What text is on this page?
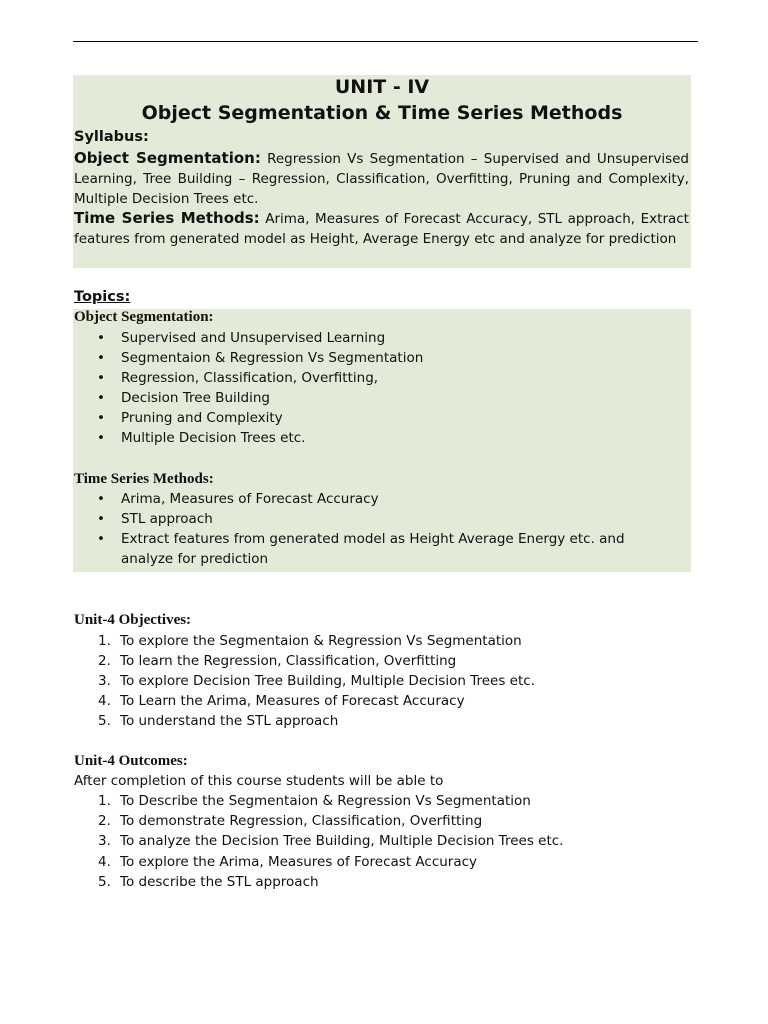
UNIT - IV
Object Segmentation & Time Series Methods
Syllabus:

Object Segmentation: Regression Vs Segmentation – Supervised and Unsupervised Learning, Tree Building – Regression, Classification, Overfitting, Pruning and Complexity, Multiple Decision Trees etc.

Time Series Methods: Arima, Measures of Forecast Accuracy, STL approach, Extract features from generated model as Height, Average Energy etc and analyze for prediction

Topics:
Object Segmentation:
• Supervised and Unsupervised Learning
• Segmentaion & Regression Vs Segmentation
• Regression, Classification, Overfitting,
• Decision Tree Building
• Pruning and Complexity
• Multiple Decision Trees etc.
Time Series Methods:
• Arima, Measures of Forecast Accuracy
• STL approach
• Extract features from generated model as Height Average Energy etc. and analyze for prediction
Unit-4 Objectives:
1. To explore the Segmentaion & Regression Vs Segmentation
2. To learn the Regression, Classification, Overfitting
3. To explore Decision Tree Building, Multiple Decision Trees etc.
4. To Learn the Arima, Measures of Forecast Accuracy
5. To understand the STL approach
Unit-4 Outcomes:
After completion of this course students will be able to
1. To Describe the Segmentaion & Regression Vs Segmentation
2. To demonstrate Regression, Classification, Overfitting
3. To analyze the Decision Tree Building, Multiple Decision Trees etc.
4. To explore the Arima, Measures of Forecast Accuracy
5. To describe the STL approach
